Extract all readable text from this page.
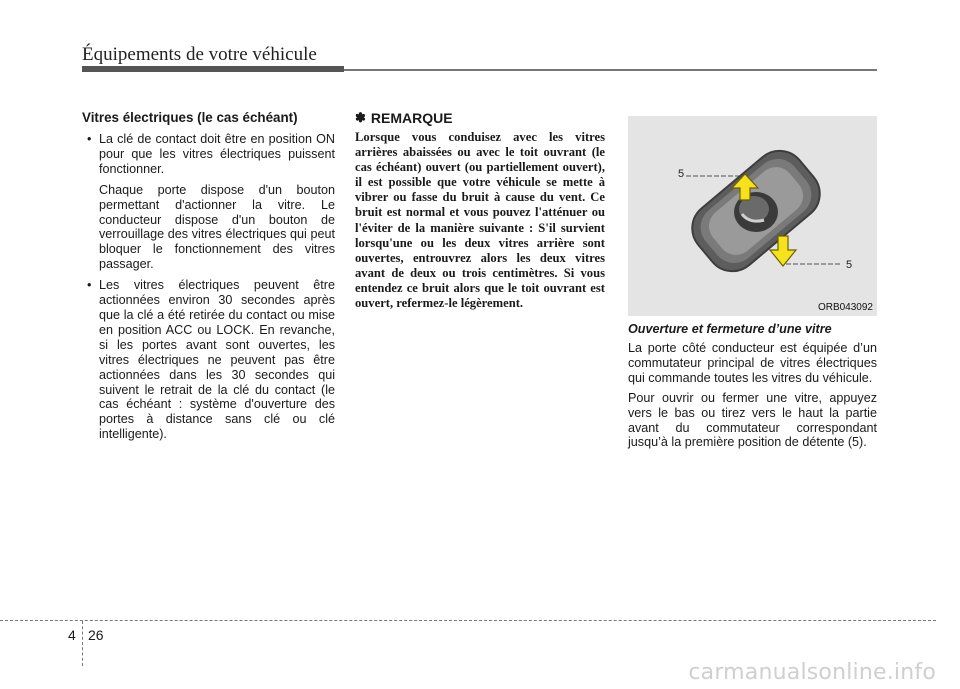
Équipements de votre véhicule
Vitres électriques (le cas échéant)

• La clé de contact doit être en position ON pour que les vitres électriques puissent fonctionner.

Chaque porte dispose d'un bouton permettant d'actionner la vitre. Le conducteur dispose d'un bouton de verrouillage des vitres électriques qui peut bloquer le fonctionnement des vitres passager.

• Les vitres électriques peuvent être actionnées environ 30 secondes après que la clé a été retirée du contact ou mise en position ACC ou LOCK. En revanche, si les portes avant sont ouvertes, les vitres électriques ne peuvent pas être actionnées dans les 30 secondes qui suivent le retrait de la clé du contact (le cas échéant : système d'ouverture des portes à distance sans clé ou clé intelligente).

✽ REMARQUE

Lorsque vous conduisez avec les vitres arrières abaissées ou avec le toit ouvrant (le cas échéant) ouvert (ou partiellement ouvert), il est possible que votre véhicule se mette à vibrer ou fasse du bruit à cause du vent. Ce bruit est normal et vous pouvez l'atténuer ou l'éviter de la manière suivante : S'il survient lorsqu'une ou les deux vitres arrière sont ouvertes, entrouvrez alors les deux vitres avant de deux ou trois centimètres. Si vous entendez ce bruit alors que le toit ouvrant est ouvert, refermez-le légèrement.

5
5
ORB043092
Ouverture et fermeture d’une vitre

La porte côté conducteur est équipée d’un commutateur principal de vitres électriques qui commande toutes les vitres du véhicule.

Pour ouvrir ou fermer une vitre, appuyez vers le bas ou tirez vers le haut la partie avant du commutateur correspondant jusqu’à la première position de détente (5).

4 26
carmanualsonline.info
